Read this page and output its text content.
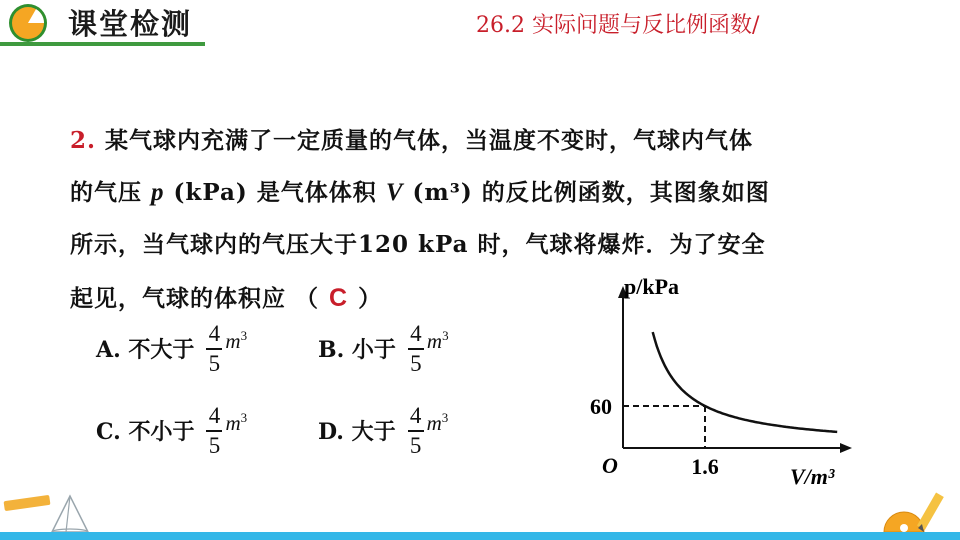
课堂检测	26.2 实际问题与反比例函数/
2. 某气球内充满了一定质量的气体，当温度不变时，气球内气体
的气压 p (kPa) 是气体体积 V (m³) 的反比例函数，其图象如图
所示，当气球内的气压大于120 kPa 时，气球将爆炸．为了安全
起见，气球的体积应 （ C ）
A. 不大于 $\frac{4}{5} m^3$
B. 小于 $\frac{4}{5} m^3$
C. 不小于 $\frac{4}{5} m^3$
D. 大于 $\frac{4}{5} m^3$
p/kPa
V/m³
O
60
1.6
